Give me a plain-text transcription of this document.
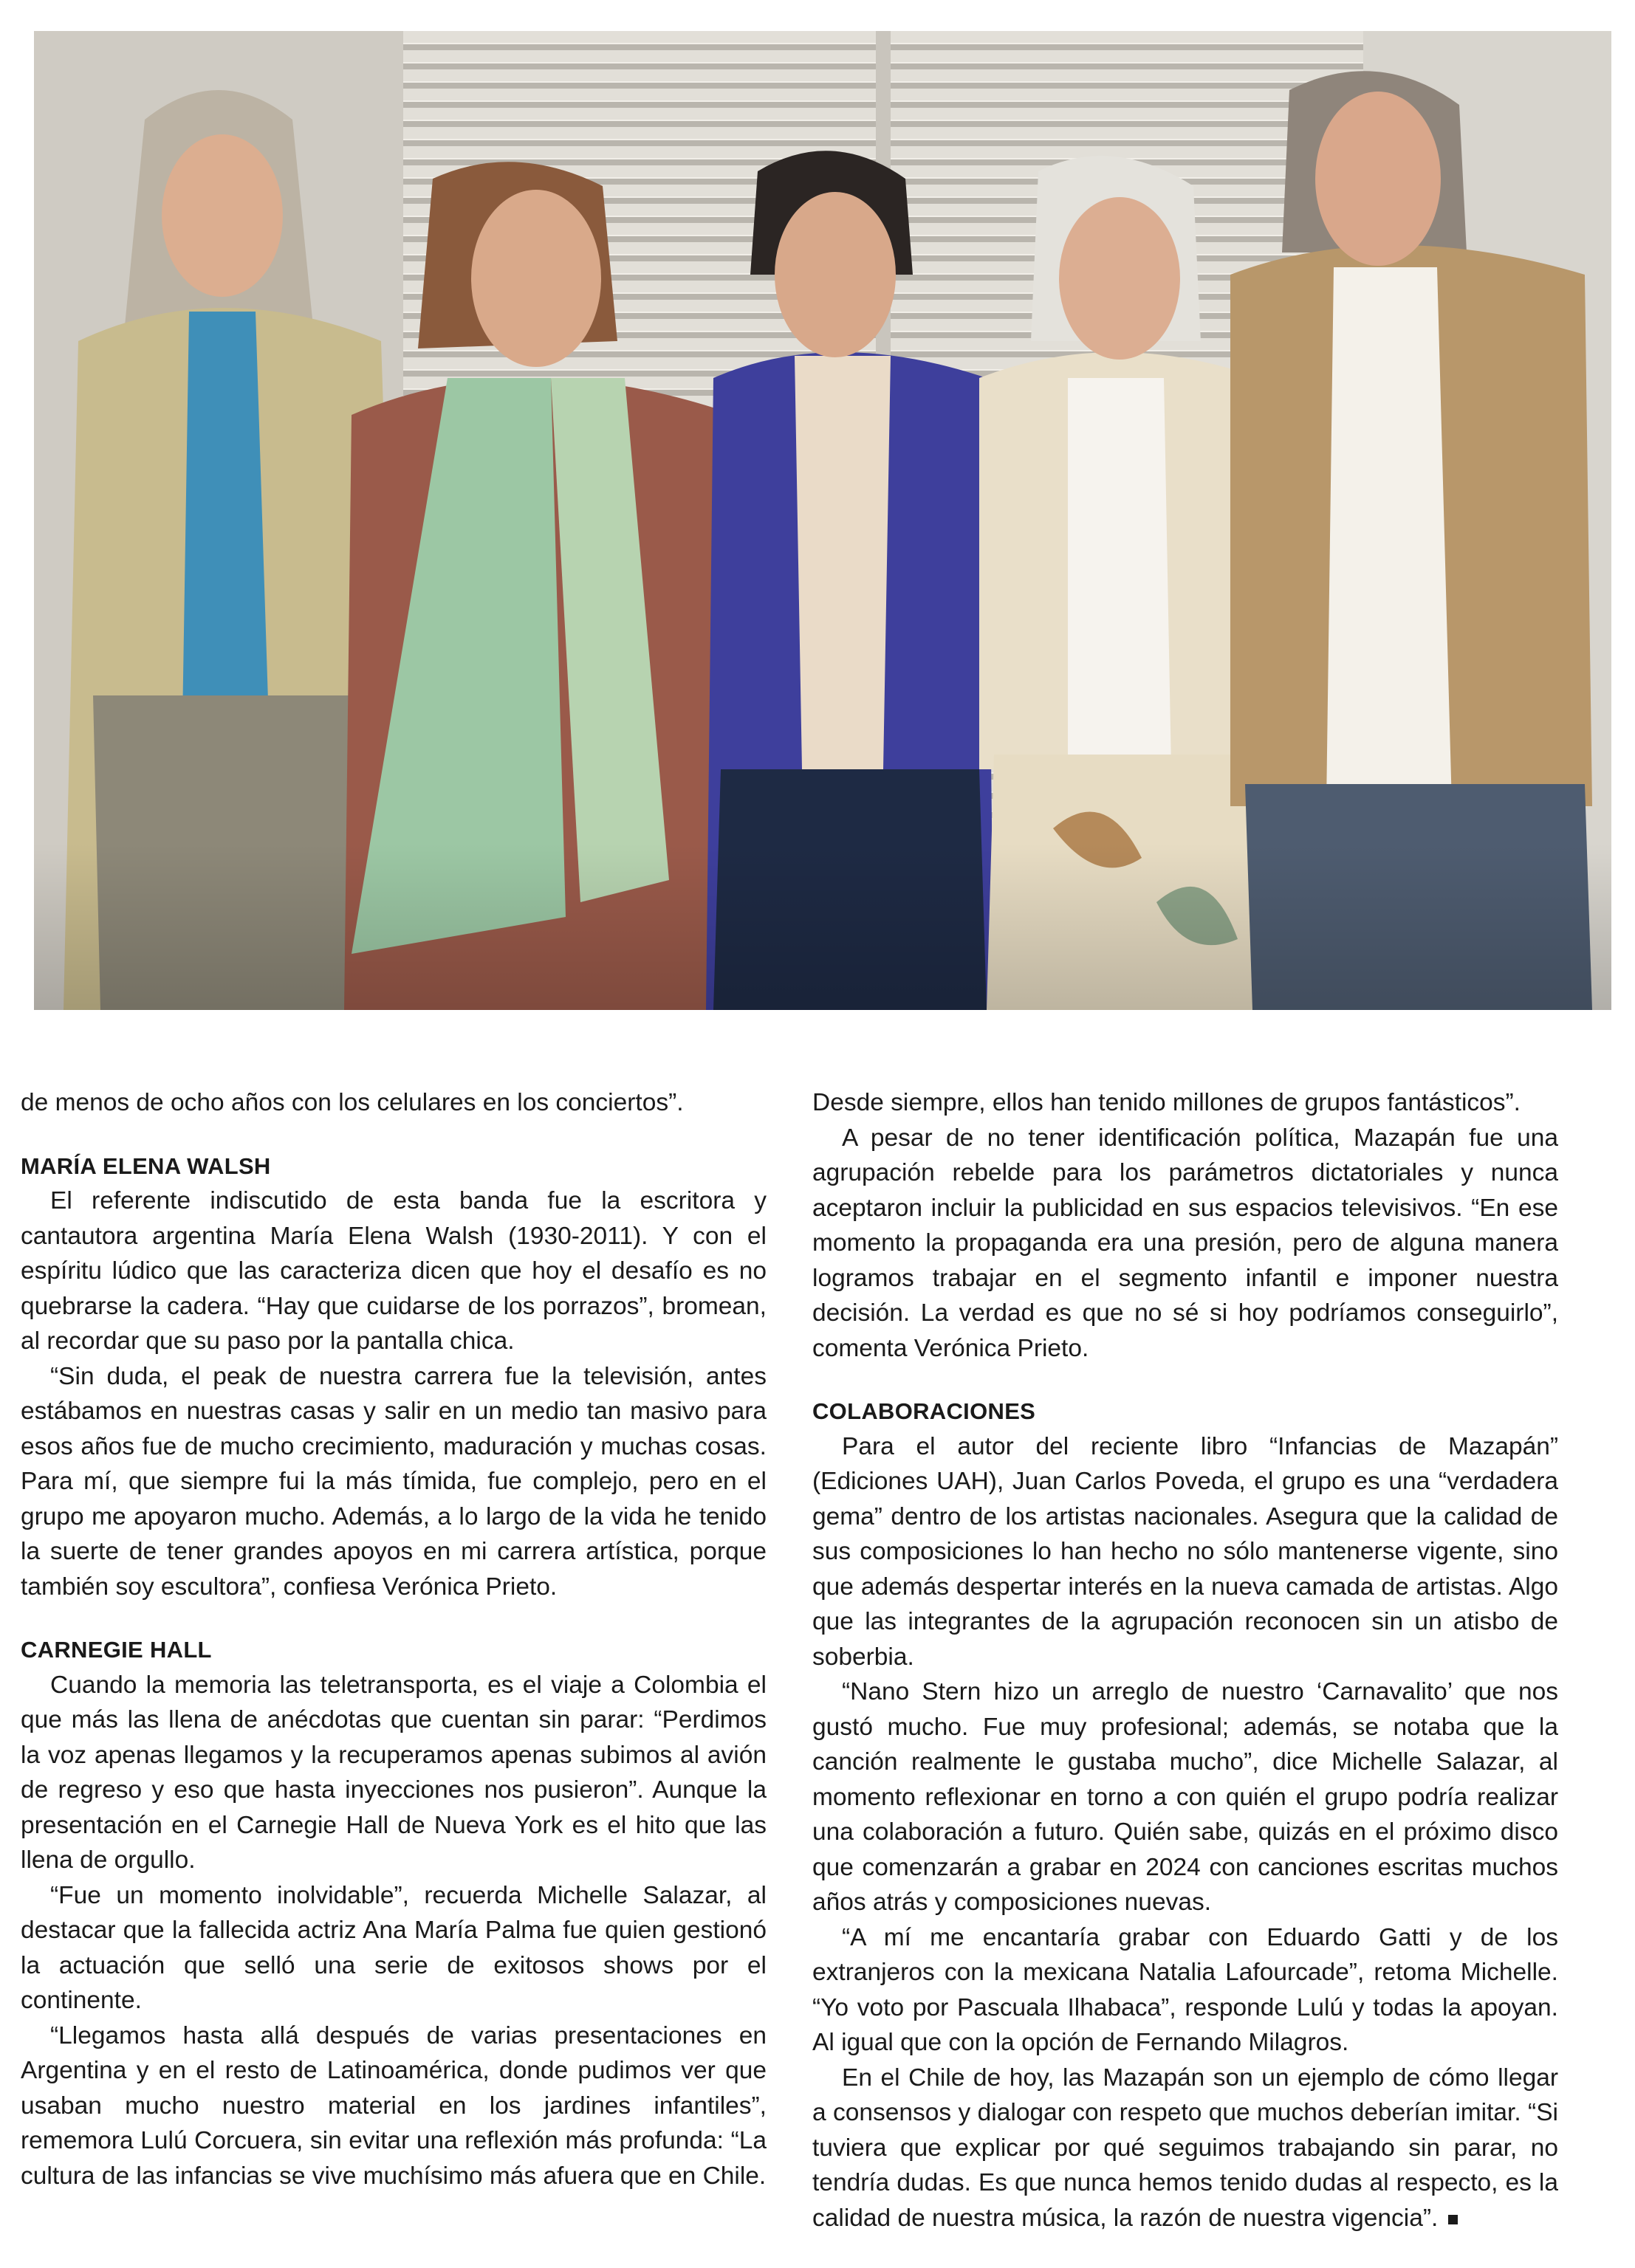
de menos de ocho años con los celulares en los conciertos”.

MARÍA ELENA WALSH

El referente indiscutido de esta banda fue la escritora y cantautora argentina María Elena Walsh (1930-2011). Y con el espíritu lúdico que las caracteriza dicen que hoy el desafío es no quebrarse la cadera. “Hay que cuidarse de los porrazos”, bromean, al recordar que su paso por la pantalla chica.

“Sin duda, el peak de nuestra carrera fue la televisión, antes estábamos en nuestras casas y salir en un medio tan masivo para esos años fue de mucho crecimiento, maduración y muchas cosas. Para mí, que siempre fui la más tímida, fue complejo, pero en el grupo me apoyaron mucho. Además, a lo largo de la vida he tenido la suerte de tener grandes apoyos en mi carrera artística, porque también soy escultora”, confiesa Verónica Prieto.

CARNEGIE HALL

Cuando la memoria las teletransporta, es el viaje a Colombia el que más las llena de anécdotas que cuentan sin parar: “Perdimos la voz apenas llegamos y la recuperamos apenas subimos al avión de regreso y eso que hasta inyecciones nos pusieron”. Aunque la presentación en el Carnegie Hall de Nueva York es el hito que las llena de orgullo.

“Fue un momento inolvidable”, recuerda Michelle Salazar, al destacar que la fallecida actriz Ana María Palma fue quien gestionó la actuación que selló una serie de exitosos shows por el continente.

“Llegamos hasta allá después de varias presentaciones en Argentina y en el resto de Latinoamérica, donde pudimos ver que usaban mucho nuestro material en los jardines infantiles”, rememora Lulú Corcuera, sin evitar una reflexión más profunda: “La cultura de las infancias se vive muchísimo más afuera que en Chile.

Desde siempre, ellos han tenido millones de grupos fantásticos”.

A pesar de no tener identificación política, Mazapán fue una agrupación rebelde para los parámetros dictatoriales y nunca aceptaron incluir la publicidad en sus espacios televisivos. “En ese momento la propaganda era una presión, pero de alguna manera logramos trabajar en el segmento infantil e imponer nuestra decisión. La verdad es que no sé si hoy podríamos conseguirlo”, comenta Verónica Prieto.

COLABORACIONES

Para el autor del reciente libro “Infancias de Mazapán” (Ediciones UAH), Juan Carlos Poveda, el grupo es una “verdadera gema” dentro de los artistas nacionales. Asegura que la calidad de sus composiciones lo han hecho no sólo mantenerse vigente, sino que además despertar interés en la nueva camada de artistas. Algo que las integrantes de la agrupación reconocen sin un atisbo de soberbia.

“Nano Stern hizo un arreglo de nuestro ‘Carnavalito’ que nos gustó mucho. Fue muy profesional; además, se notaba que la canción realmente le gustaba mucho”, dice Michelle Salazar, al momento reflexionar en torno a con quién el grupo podría realizar una colaboración a futuro. Quién sabe, quizás en el próximo disco que comenzarán a grabar en 2024 con canciones escritas muchos años atrás y composiciones nuevas.

“A mí me encantaría grabar con Eduardo Gatti y de los extranjeros con la mexicana Natalia Lafourcade”, retoma Michelle. “Yo voto por Pascuala Ilhabaca”, responde Lulú y todas la apoyan. Al igual que con la opción de Fernando Milagros.

En el Chile de hoy, las Mazapán son un ejemplo de cómo llegar a consensos y dialogar con respeto que muchos deberían imitar. “Si tuviera que explicar por qué seguimos trabajando sin parar, no tendría dudas. Es que nunca hemos tenido dudas al respecto, es la calidad de nuestra música, la razón de nuestra vigencia”.
